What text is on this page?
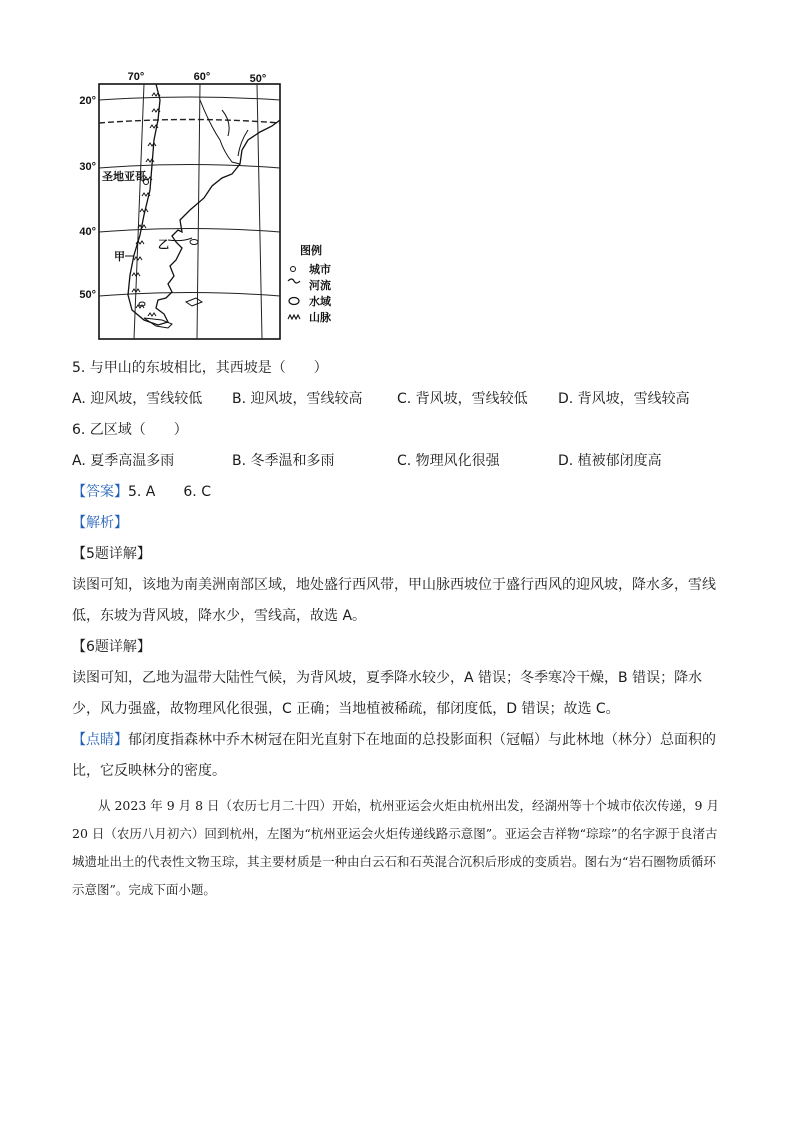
70°	60°	50°
20°
30°
40°
50°
圣地亚哥
甲
乙	图例
城市
河流
水域
山脉
5. 与甲山的东坡相比，其西坡是（　　）
A. 迎风坡，雪线较低 B. 迎风坡，雪线较高 C. 背风坡，雪线较低 D. 背风坡，雪线较高
6. 乙区域（　　）
A. 夏季高温多雨	B. 冬季温和多雨	C. 物理风化很强	D. 植被郁闭度高
【答案】5. A　　6. C
【解析】
【5题详解】
读图可知，该地为南美洲南部区域，地处盛行西风带，甲山脉西坡位于盛行西风的迎风坡，降水多，雪线低，东坡为背风坡，降水少，雪线高，故选 A。
【6题详解】
读图可知，乙地为温带大陆性气候，为背风坡，夏季降水较少，A 错误；冬季寒冷干燥，B 错误；降水少，风力强盛，故物理风化很强，C 正确；当地植被稀疏，郁闭度低，D 错误；故选 C。
【点睛】郁闭度指森林中乔木树冠在阳光直射下在地面的总投影面积（冠幅）与此林地（林分）总面积的比，它反映林分的密度。
从 2023 年 9 月 8 日（农历七月二十四）开始，杭州亚运会火炬由杭州出发，经湖州等十个城市依次传递，9 月 20 日（农历八月初六）回到杭州，左图为“杭州亚运会火炬传递线路示意图”。亚运会吉祥物“琮琮”的名字源于良渚古城遗址出土的代表性文物玉琮，其主要材质是一种由白云石和石英混合沉积后形成的变质岩。图右为“岩石圈物质循环示意图”。完成下面小题。
